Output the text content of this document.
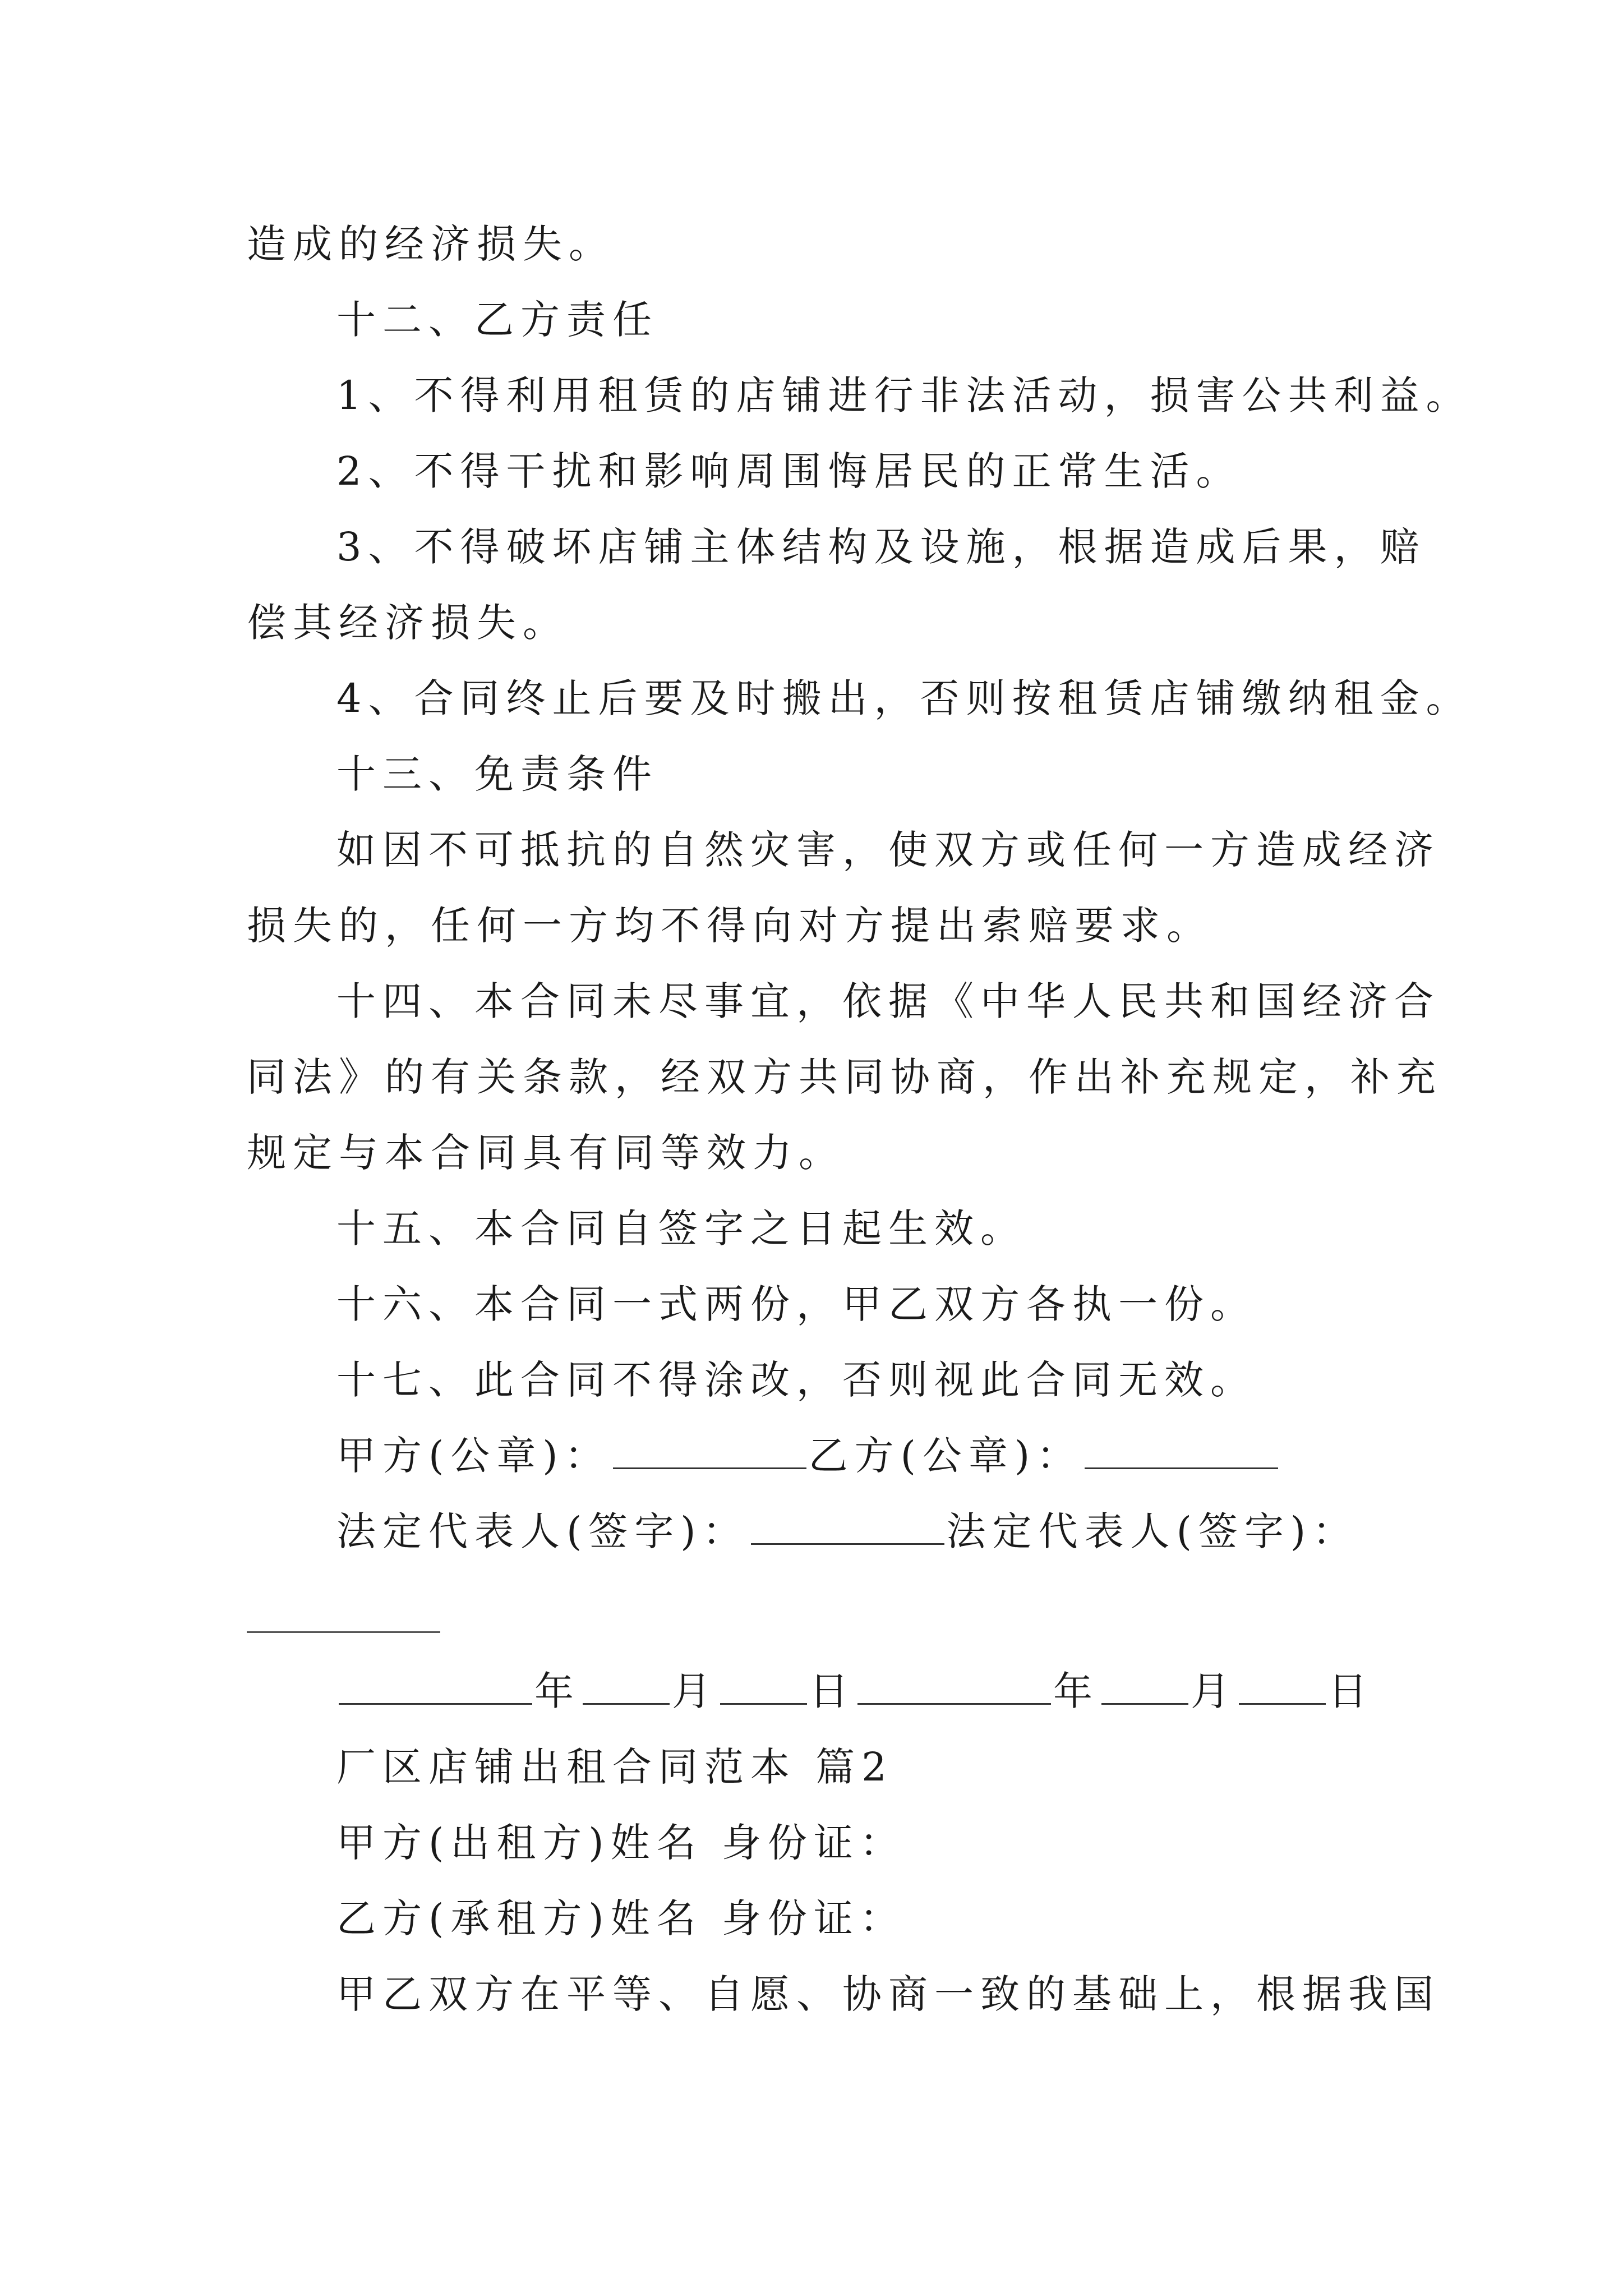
造成的经济损失。
十二、乙方责任
1、不得利用租赁的店铺进行非法活动，损害公共利益。
2、不得干扰和影响周围悔居民的正常生活。
3、不得破坏店铺主体结构及设施，根据造成后果，赔
偿其经济损失。
4、合同终止后要及时搬出，否则按租赁店铺缴纳租金。
十三、免责条件
如因不可抵抗的自然灾害，使双方或任何一方造成经济
损失的，任何一方均不得向对方提出索赔要求。
十四、本合同未尽事宜，依据《中华人民共和国经济合
同法》的有关条款，经双方共同协商，作出补充规定，补充
规定与本合同具有同等效力。
十五、本合同自签字之日起生效。
十六、本合同一式两份，甲乙双方各执一份。
十七、此合同不得涂改，否则视此合同无效。
甲方(公章)：	乙方(公章)：
法定代表人(签字)：	法定代表人(签字)：
年 月 日	年 月 日
厂区店铺出租合同范本 篇2
甲方(出租方)姓名 身份证：
乙方(承租方)姓名 身份证：
甲乙双方在平等、自愿、协商一致的基础上，根据我国
